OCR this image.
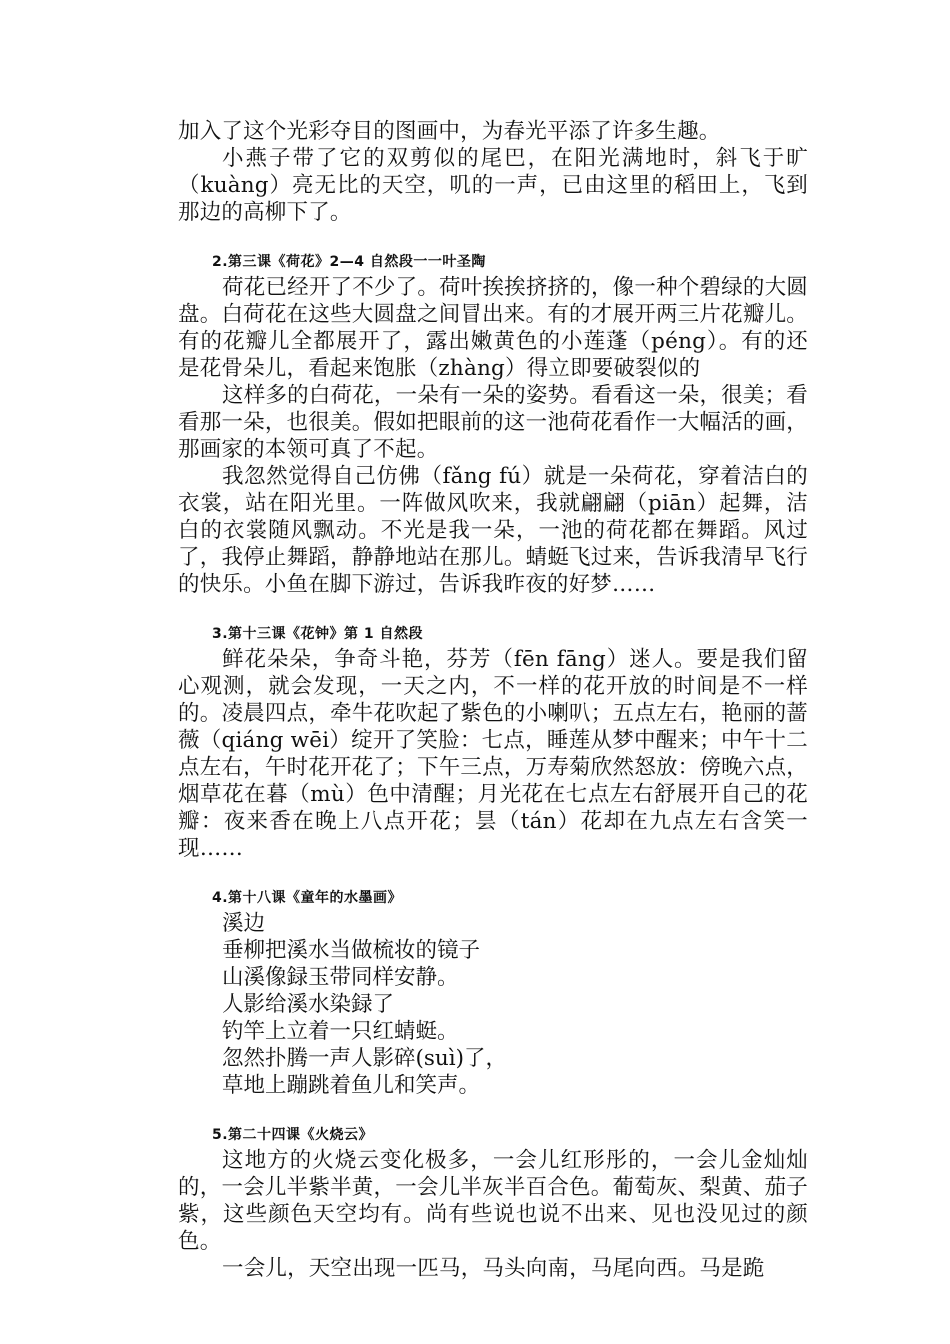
加入了这个光彩夺目的图画中，为春光平添了许多生趣。

小燕子带了它的双剪似的尾巴，在阳光满地时，斜飞于旷（kuàng）亮无比的天空，叽的一声，已由这里的稻田上，飞到那边的高柳下了。

2.第三课《荷花》2—4 自然段一一叶圣陶

荷花已经开了不少了。荷叶挨挨挤挤的，像一种个碧绿的大圆盘。白荷花在这些大圆盘之间冒出来。有的才展开两三片花瓣儿。有的花瓣儿全都展开了，露出嫩黄色的小莲蓬（péng）。有的还是花骨朵儿，看起来饱胀（zhàng）得立即要破裂似的

这样多的白荷花，一朵有一朵的姿势。看看这一朵，很美；看看那一朵，也很美。假如把眼前的这一池荷花看作一大幅活的画，那画家的本领可真了不起。

我忽然觉得自己仿佛（fǎng fú）就是一朵荷花，穿着洁白的衣裳，站在阳光里。一阵做风吹来，我就翩翩（piān）起舞，洁白的衣裳随风飘动。不光是我一朵，一池的荷花都在舞蹈。风过了，我停止舞蹈，静静地站在那儿。蜻蜓飞过来，告诉我清早飞行的快乐。小鱼在脚下游过，告诉我昨夜的好梦……

3.第十三课《花钟》第 1 自然段

鲜花朵朵，争奇斗艳，芬芳（fēn fāng）迷人。要是我们留心观测，就会发现，一天之内，不一样的花开放的时间是不一样的。凌晨四点，牵牛花吹起了紫色的小喇叭；五点左右，艳丽的蔷薇（qiáng wēi）绽开了笑脸：七点，睡莲从梦中醒来；中午十二点左右，午时花开花了；下午三点，万寿菊欣然怒放：傍晚六点，烟草花在暮（mù）色中清醒；月光花在七点左右舒展开自己的花瓣：夜来香在晚上八点开花；昙（tán）花却在九点左右含笑一现……

4.第十八课《童年的水墨画》
溪边
垂柳把溪水当做梳妆的镜子
山溪像録玉带同样安静。
人影给溪水染録了
钓竿上立着一只红蜻蜓。
忽然扑腾一声人影碎(suì)了，
草地上蹦跳着鱼儿和笑声。
5.第二十四课《火烧云》

这地方的火烧云变化极多，一会儿红形彤的，一会儿金灿灿的，一会儿半紫半黄，一会儿半灰半百合色。葡萄灰、梨黄、茄子紫，这些颜色天空均有。尚有些说也说不出来、见也没见过的颜色。

一会儿，天空出现一匹马，马头向南，马尾向西。马是跪
